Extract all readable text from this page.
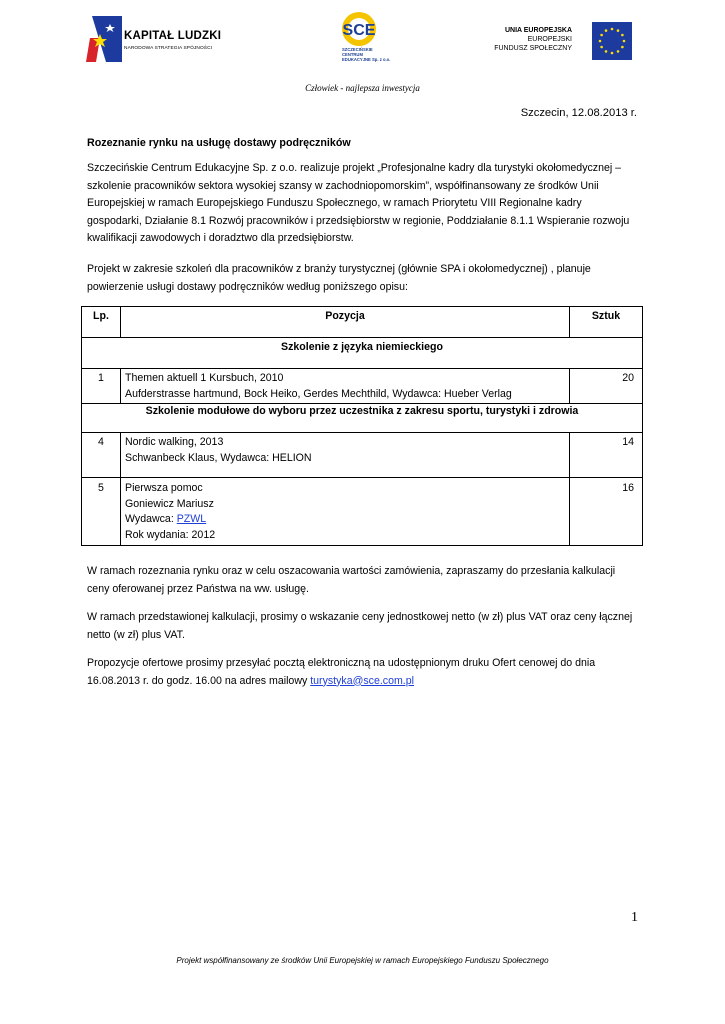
KAPITAŁ LUDZKI
NARODOWA STRATEGIA SPÓJNOŚCI
SCE
SZCZECIŃSKIE
CENTRUM
EDUKACYJNE Sp. z o.o.
UNIA EUROPEJSKA
EUROPEJSKI
FUNDUSZ SPOŁECZNY
Człowiek - najlepsza inwestycja
Szczecin, 12.08.2013 r.
Rozeznanie rynku na usługę dostawy podręczników
Szczecińskie Centrum Edukacyjne Sp. z o.o. realizuje projekt „Profesjonalne kadry dla turystyki okołomedycznej – szkolenie pracowników sektora wysokiej szansy w zachodniopomorskim”, współfinansowany ze środków Unii Europejskiej w ramach Europejskiego Funduszu Społecznego, w ramach Priorytetu VIII Regionalne kadry gospodarki, Działanie 8.1 Rozwój pracowników i przedsiębiorstw w regionie, Poddziałanie 8.1.1 Wspieranie rozwoju kwalifikacji zawodowych i doradztwo dla przedsiębiorstw.
Projekt w zakresie szkoleń dla pracowników z branży turystycznej (głównie SPA i okołomedycznej) , planuje powierzenie usługi dostawy podręczników według poniższego opisu:
Lp.	Pozycja	Sztuk
Szkolenie z języka niemieckiego		
1	Themen aktuell 1 Kursbuch, 2010
Aufderstrasse hartmund, Bock Heiko, Gerdes Mechthild, Wydawca: Hueber Verlag	20
Szkolenie modułowe do wyboru przez uczestnika z zakresu sportu, turystyki i zdrowia		
4	Nordic walking, 2013
Schwanbeck Klaus, Wydawca: HELION	14
5	Pierwsza pomoc
Goniewicz Mariusz
Wydawca: PZWL
Rok wydania: 2012	16
W ramach rozeznania rynku oraz w celu oszacowania wartości zamówienia, zapraszamy do przesłania kalkulacji ceny oferowanej przez Państwa na ww. usługę.
W ramach przedstawionej kalkulacji, prosimy o wskazanie ceny jednostkowej netto (w zł) plus VAT oraz ceny łącznej netto (w zł) plus VAT.
Propozycje ofertowe prosimy przesyłać pocztą elektroniczną na udostępnionym druku Ofert cenowej do dnia 16.08.2013 r. do godz. 16.00 na adres mailowy turystyka@sce.com.pl
1
Projekt współfinansowany ze środków Unii Europejskiej w ramach Europejskiego Funduszu Społecznego
